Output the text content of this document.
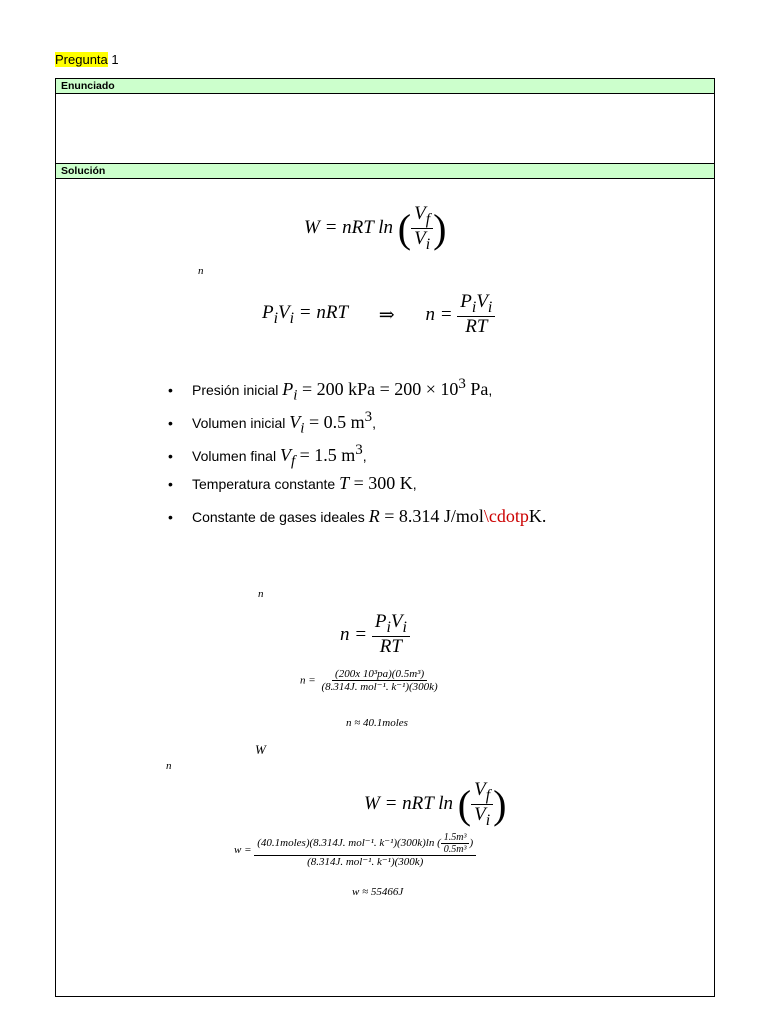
Pregunta 1
Enunciado
Solución
W = nRT ln ( $\frac{V_f}{V_i}$ )
n
$P_iV_i$ = nRT ⇒ $n = \frac{P_iV_i}{RT}$
• Presión inicial $P_i = 200$ kPa = $200 \times 10^3$ Pa,
• Volumen inicial $V_i = 0.5$ $m^3$,
• Volumen final $V_f = 1.5$ $m^3$,
• Temperatura constante T = 300 K,
• Constante de gases ideales R = 8.314 J/mol\cdotpK.
n
$n = \frac{P_iV_i}{RT}$
$n = \frac{\text{(200x 10³pa)(0.5m³)}}{\text{(8.314J. mol⁻¹. k⁻¹)(300k)}}$
n ≈ 40.1moles
W
n
W = nRT ln ( $\frac{V_f}{V_i}$ )
$w = \frac{(40.1moles)(8.314J. mol^{-1}. k^{-1})(300k)\ln ( \frac{\text{1.5m³}}{\text{0.5m³}} )}{\text{(8.314J. mol⁻¹. k⁻¹)(300k)}}$
w ≈ 55466J
